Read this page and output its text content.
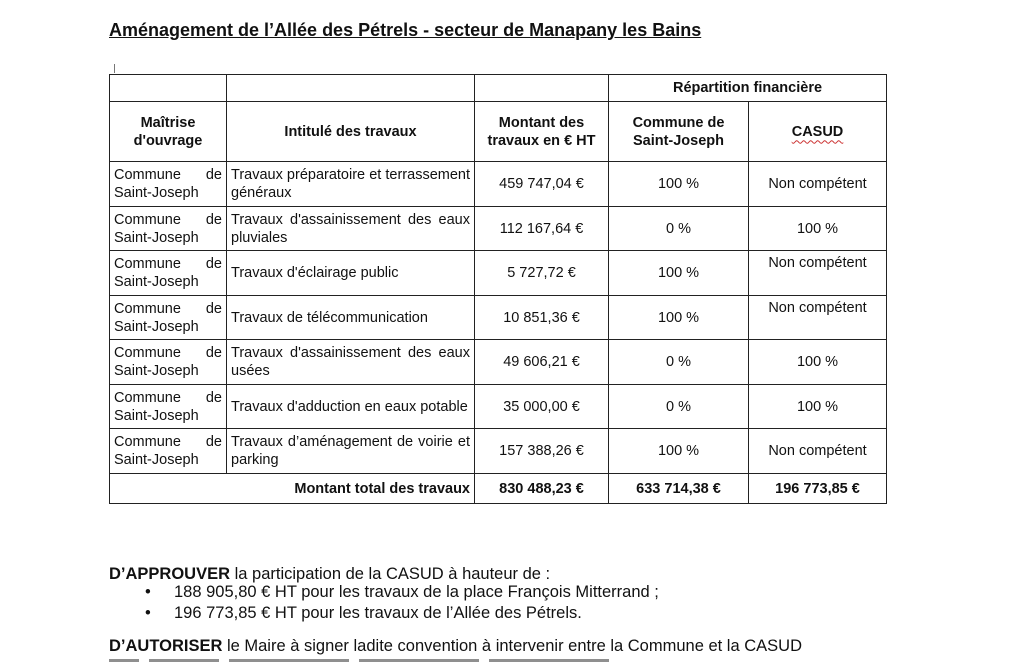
Aménagement de l’Allée des Pétrels - secteur de Manapany les Bains
			Répartition financière	
Maîtrise d'ouvrage	Intitulé des travaux	Montant des travaux en € HT	Commune de Saint-Joseph	CASUD
Commune de Saint-Joseph	Travaux préparatoire et terrassement généraux	459 747,04 €	100 %	Non compétent
Commune de Saint-Joseph	Travaux d'assainissement des eaux pluviales	112 167,64 €	0 %	100 %
Commune de Saint-Joseph	Travaux d'éclairage public	5 727,72 €	100 %	Non compétent
Commune de Saint-Joseph	Travaux de télécommunication	10 851,36 €	100 %	Non compétent
Commune de Saint-Joseph	Travaux d'assainissement des eaux usées	49 606,21 €	0 %	100 %
Commune de Saint-Joseph	Travaux d'adduction en eaux potable	35 000,00 €	0 %	100 %
Commune de Saint-Joseph	Travaux d’aménagement de voirie et parking	157 388,26 €	100 %	Non compétent
Montant total des travaux		830 488,23 €	633 714,38 €	196 773,85 €
D’APPROUVER la participation de la CASUD à hauteur de :
• 188 905,80 € HT pour les travaux de la place François Mitterrand ;
• 196 773,85 € HT pour les travaux de l’Allée des Pétrels.
D’AUTORISER le Maire à signer ladite convention à intervenir entre la Commune et la CASUD
